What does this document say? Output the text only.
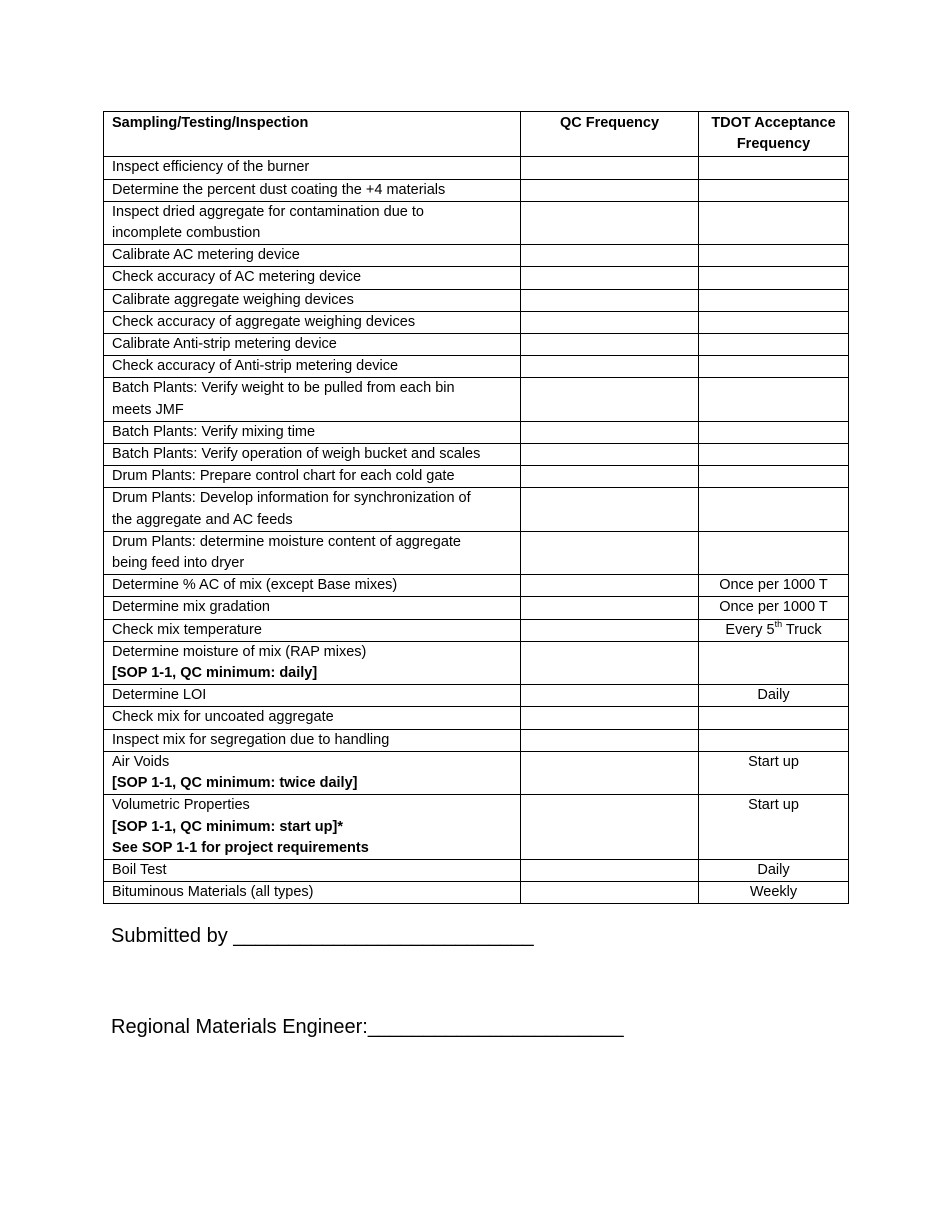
Sampling/Testing/Inspection	QC Frequency	TDOT Acceptance Frequency

Inspect efficiency of the burner		

Determine the percent dust coating the +4 materials		

Inspect dried aggregate for contamination due to
incomplete combustion		

Calibrate AC metering device		

Check accuracy of AC metering device		

Calibrate aggregate weighing devices		

Check accuracy of aggregate weighing devices		

Calibrate Anti-strip metering device		

Check accuracy of Anti-strip metering device		

Batch Plants: Verify weight to be pulled from each bin
meets JMF		

Batch Plants: Verify mixing time		

Batch Plants: Verify operation of weigh bucket and scales		

Drum Plants: Prepare control chart for each cold gate		

Drum Plants: Develop information for synchronization of
the aggregate and AC feeds		

Drum Plants: determine moisture content of aggregate
being feed into dryer		

Determine % AC of mix (except Base mixes)		Once per 1000 T

Determine mix gradation		Once per 1000 T

Check mix temperature		Every 5th Truck

Determine moisture of mix (RAP mixes)
[SOP 1-1, QC minimum: daily]		

Determine LOI		Daily

Check mix for uncoated aggregate		

Inspect mix for segregation due to handling		

Air Voids
[SOP 1-1, QC minimum: twice daily]		Start up

Volumetric Properties
[SOP 1-1, QC minimum: start up]*
See SOP 1-1 for project requirements		Start up

Boil Test		Daily

Bituminous Materials (all types)		Weekly
Submitted by ___________________________
Regional Materials Engineer:_______________________
